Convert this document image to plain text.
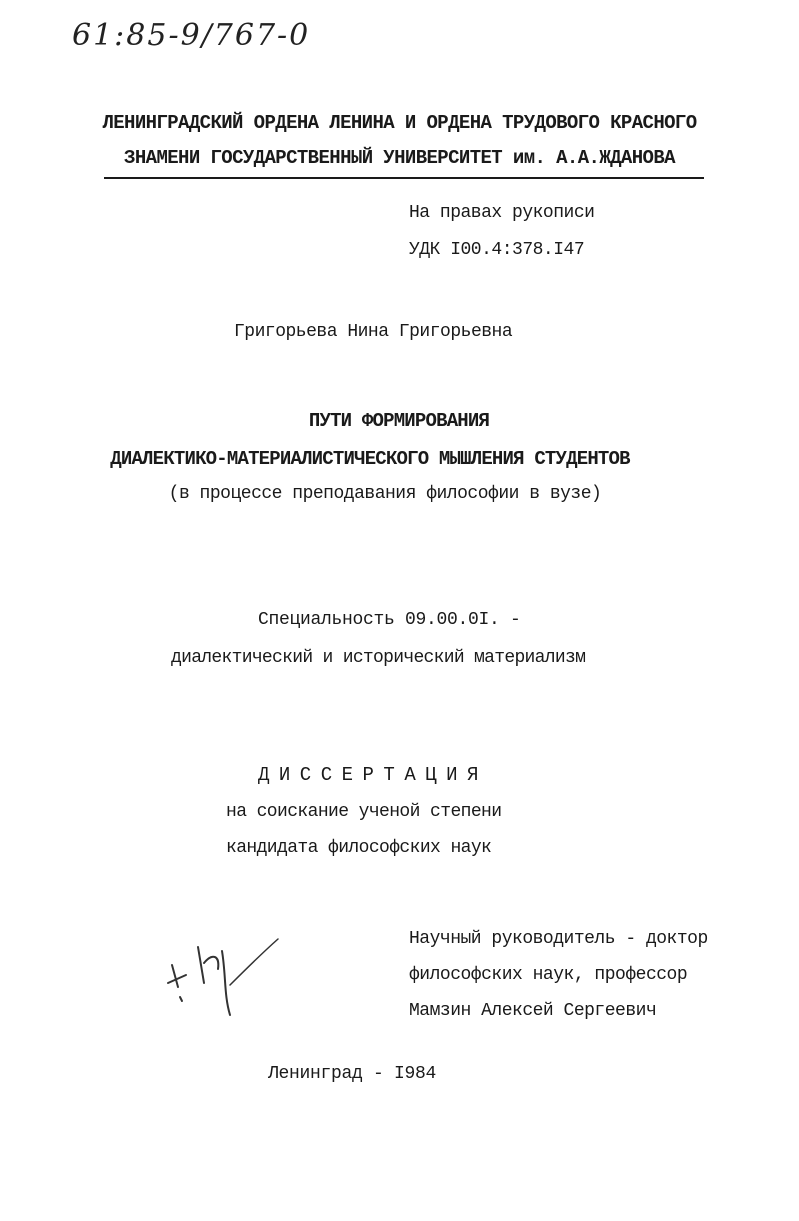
61:85-9/767-0
ЛЕНИНГРАДСКИЙ ОРДЕНА ЛЕНИНА И ОРДЕНА ТРУДОВОГО КРАСНОГО
ЗНАМЕНИ ГОСУДАРСТВЕННЫЙ УНИВЕРСИТЕТ им. А.А.ЖДАНОВА
На правах рукописи
УДК I00.4:378.I47
Григорьева Нина Григорьевна
ПУТИ ФОРМИРОВАНИЯ
ДИАЛЕКТИКО-МАТЕРИАЛИСТИЧЕСКОГО МЫШЛЕНИЯ СТУДЕНТОВ
(в процессе преподавания философии в вузе)
Специальность 09.00.0I. -
диалектический и исторический материализм
ДИССЕРТАЦИЯ
на соискание ученой степени
кандидата философских наук
Научный руководитель - доктор
философских наук, профессор
Мамзин Алексей Сергеевич
Ленинград - I984
